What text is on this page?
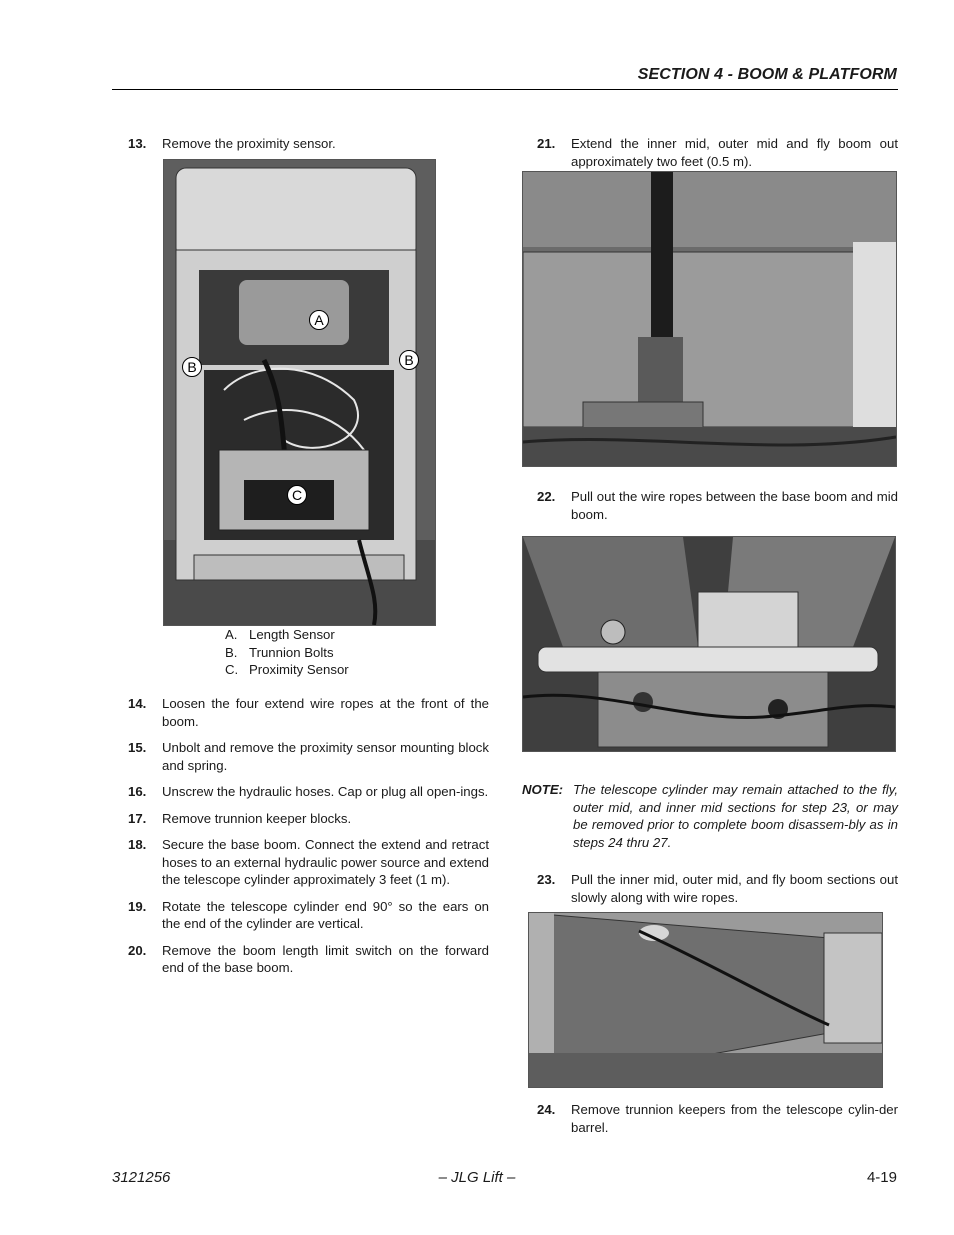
SECTION 4 - BOOM & PLATFORM
13.	Remove the proximity sensor.
A
B	B
C
A. Length Sensor
B. Trunnion Bolts
C. Proximity Sensor
14.	Loosen the four extend wire ropes at the front of the boom.
15.	Unbolt and remove the proximity sensor mounting block and spring.
16.	Unscrew the hydraulic hoses. Cap or plug all open-ings.
17.	Remove trunnion keeper blocks.
18.	Secure the base boom. Connect the extend and retract hoses to an external hydraulic power source and extend the telescope cylinder approximately 3 feet (1 m).
19.	Rotate the telescope cylinder end 90° so the ears on the end of the cylinder are vertical.
20.	Remove the boom length limit switch on the forward end of the base boom.
21.	Extend the inner mid, outer mid and fly boom out approximately two feet (0.5 m).
22.	Pull out the wire ropes between the base boom and mid boom.
NOTE: The telescope cylinder may remain attached to the fly, outer mid, and inner mid sections for step 23, or may be removed prior to complete boom disassem-bly as in steps 24 thru 27.
23.	Pull the inner mid, outer mid, and fly boom sections out slowly along with wire ropes.
24.	Remove trunnion keepers from the telescope cylin-der barrel.
3121256	– JLG Lift –	4-19
